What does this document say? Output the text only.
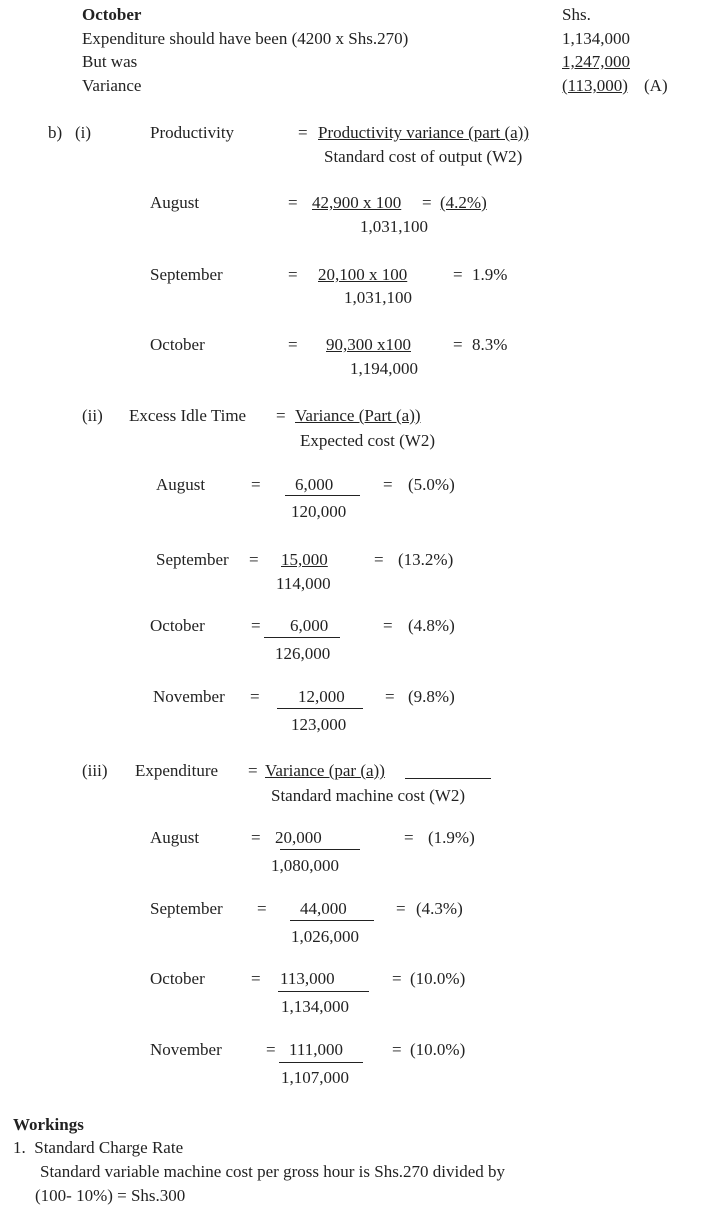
October	Shs.
Expenditure should have been (4200 x Shs.270)	1,134,000
But was	1,247,000
Variance	(113,000) (A)
b) (i)	Productivity	= Productivity variance (part (a))
Standard cost of output (W2)
August	= 42,900 x 100 = (4.2%)
1,031,100
September	= 20,100 x 100	= 1.9%
1,031,100
October	= 90,300 x100 = 8.3%
1,194,000
(ii) Excess Idle Time = Variance (Part (a))
Expected cost (W2)
August	= 6,000
120,000
= (5.0%)
September = 15,000
114,000
= (13.2%)
October	= 6,000
126,000
= (4.8%)
November = 12,000
123,000
= (9.8%)
(iii) Expenditure = Variance (par (a))
Standard machine cost (W2)
August	= 20,000
1,080,000
= (1.9%)
September = 44,000
1,026,000
= (4.3%)
October	= 113,000
1,134,000
= (10.0%)
November	= 111,000
1,107,000
= (10.0%)
Workings
1.  Standard Charge Rate
Standard variable machine cost per gross hour is Shs.270 divided by
(100- 10%) = Shs.300
